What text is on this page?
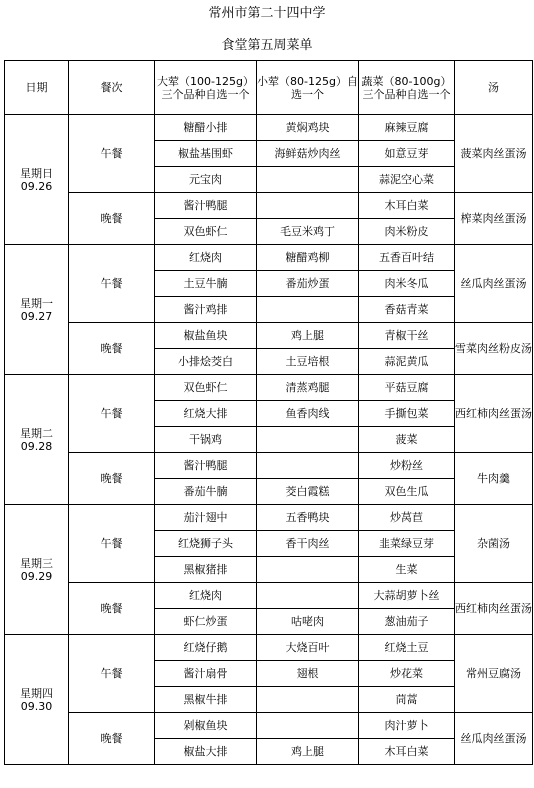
常州市第二十四中学
食堂第五周菜单
日期	餐次	大荤（100-125g）三个品种自选一个	小荤（80-125g）自选一个	蔬菜（80-100g）三个品种自选一个	汤

星期日
09.26	午餐	糖醋小排	黄焖鸡块	麻辣豆腐	菠菜肉丝蛋汤
		椒盐基围虾	海鲜菇炒肉丝	如意豆芽	
		元宝肉		蒜泥空心菜	
	晚餐	酱汁鸭腿		木耳白菜	榨菜肉丝蛋汤
		双色虾仁	毛豆米鸡丁	肉米粉皮	

星期一
09.27	午餐	红烧肉	糖醋鸡柳	五香百叶结	丝瓜肉丝蛋汤
		土豆牛腩	番茄炒蛋	肉米冬瓜	
		酱汁鸡排		香菇青菜	
	晚餐	椒盐鱼块	鸡上腿	青椒干丝	雪菜肉丝粉皮汤
		小排烩茭白	土豆培根	蒜泥黄瓜	

星期二
09.28	午餐	双色虾仁	清蒸鸡腿	平菇豆腐	西红柿肉丝蛋汤
		红烧大排	鱼香肉线	手撕包菜	
		干锅鸡		菠菜	
	晚餐	酱汁鸭腿		炒粉丝	牛肉羹
		番茄牛腩	茭白霞糕	双色生瓜	

星期三
09.29	午餐	茄汁翅中	五香鸭块	炒莴苣	杂菌汤
		红烧狮子头	香干肉丝	韭菜绿豆芽	
		黑椒猪排		生菜	
	晚餐	红烧肉		大蒜胡萝卜丝	西红柿肉丝蛋汤
		虾仁炒蛋	咕咾肉	葱油茄子	

星期四
09.30	午餐	红烧仔鹅	大烧百叶	红烧土豆	常州豆腐汤
		酱汁扇骨	翅根	炒花菜	
		黑椒牛排		茼蒿	
	晚餐	剁椒鱼块		肉汁萝卜	丝瓜肉丝蛋汤
		椒盐大排	鸡上腿	木耳白菜	
